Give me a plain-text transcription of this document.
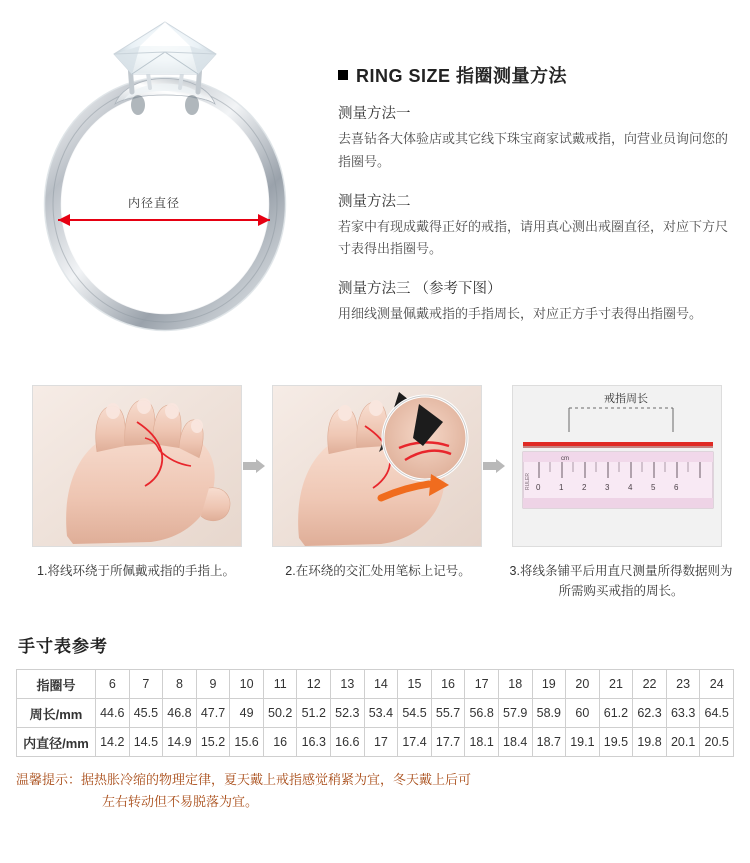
内径直径
RING SIZE 指圈测量方法
测量方法一
去喜钻各大体验店或其它线下珠宝商家试戴戒指，向营业员询问您的指圈号。
测量方法二
若家中有现成戴得正好的戒指，请用真心测出戒圈直径，对应下方尺寸表得出指圈号。
测量方法三 （参考下图）
用细线测量佩戴戒指的手指周长，对应正方手寸表得出指圈号。
0 1 2 3 4 5 6
cm
RULER
戒指周长
1.将线环绕于所佩戴戒指的手指上。	2.在环绕的交汇处用笔标上记号。	3.将线条铺平后用直尺测量所得数据则为所需购买戒指的周长。
手寸表参考
指圈号	6	7	8	9	10	11	12	13	14	15	16	17	18	19	20	21	22	23	24
周长/mm	44.6	45.5	46.8	47.7	49	50.2	51.2	52.3	53.4	54.5	55.7	56.8	57.9	58.9	60	61.2	62.3	63.3	64.5
内直径/mm	14.2	14.5	14.9	15.2	15.6	16	16.3	16.6	17	17.4	17.7	18.1	18.4	18.7	19.1	19.5	19.8	20.1	20.5
温馨提示：据热胀冷缩的物理定律，夏天戴上戒指感觉稍紧为宜，冬天戴上后可
左右转动但不易脱落为宜。
